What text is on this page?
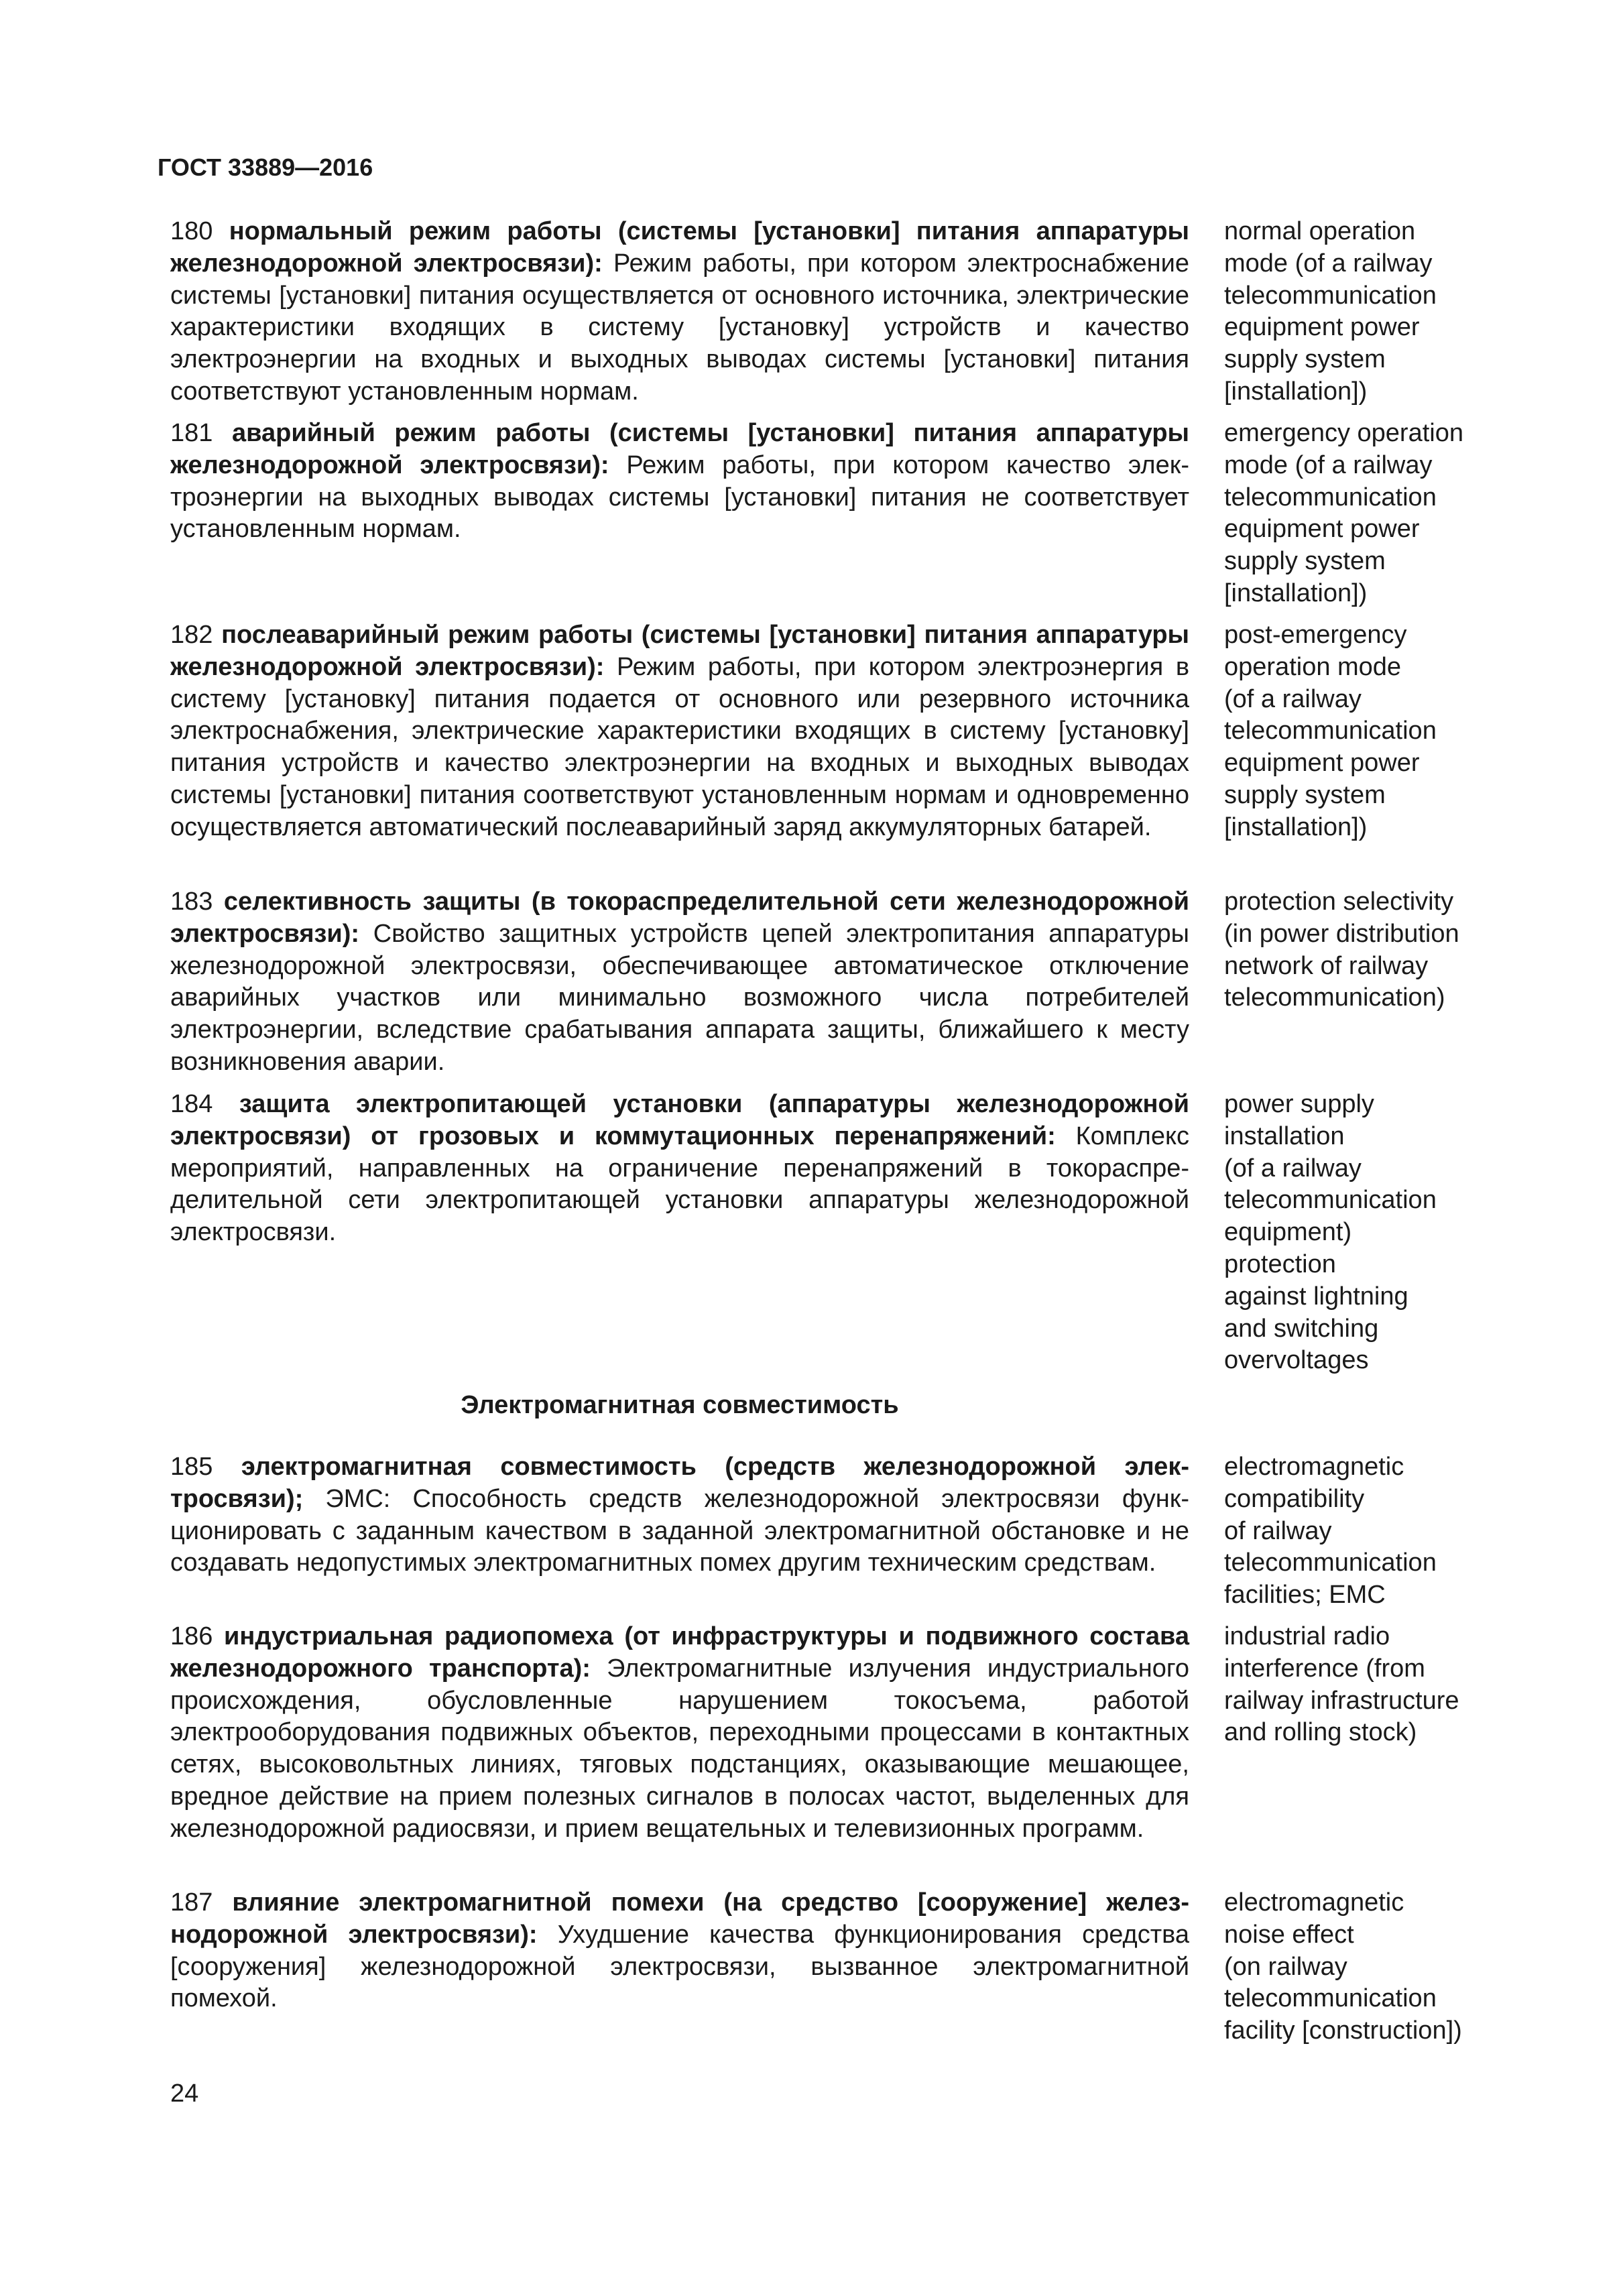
ГОСТ 33889—2016
180 нормальный режим работы (системы [установки] питания аппаратуры железнодорожной электросвязи): Режим работы, при котором электроснабжение системы [установки] питания осуществляется от основного источника, электрические характеристики входящих в систему [установку] устройств и качество электроэнергии на входных и выходных выводах системы [установки] питания соответствуют установленным нормам.
normal operation
mode (of a railway
telecommunication
equipment power
supply system
[installation])
181 аварийный режим работы (системы [установки] питания аппаратуры железнодорожной электросвязи): Режим работы, при котором качество электроэнергии на выходных выводах системы [установки] питания не соответствует установленным нормам.
emergency operation
mode (of a railway
telecommunication
equipment power
supply system
[installation])
182 послеаварийный режим работы (системы [установки] питания аппаратуры железнодорожной электросвязи): Режим работы, при котором электроэнергия в систему [установку] питания подается от основного или резервного источника электроснабжения, электрические характеристики входящих в систему [установку] питания устройств и качество электроэнергии на входных и выходных выводах системы [установки] питания соответствуют установленным нормам и одновременно осуществляется автоматический послеаварийный заряд аккумуляторных батарей.
post-emergency
operation mode
(of a railway
telecommunication
equipment power
supply system
[installation])
183 селективность защиты (в токораспределительной сети железнодорожной электросвязи): Свойство защитных устройств цепей электропитания аппаратуры железнодорожной электросвязи, обеспечивающее автоматическое отключение аварийных участков или минимально возможного числа потребителей электроэнергии, вследствие срабатывания аппарата защиты, ближайшего к месту возникновения аварии.
protection selectivity
(in power distribution
network of railway
telecommunication)
184 защита электропитающей установки (аппаратуры железнодорожной электросвязи) от грозовых и коммутационных перенапряжений: Комплекс мероприятий, направленных на ограничение перенапряжений в токораспределительной сети электропитающей установки аппаратуры железнодорожной электросвязи.
power supply
installation
(of a railway
telecommunication
equipment)
protection
against lightning
and switching
overvoltages
Электромагнитная совместимость
185 электромагнитная совместимость (средств железнодорожной электросвязи); ЭМС: Способность средств железнодорожной электросвязи функционировать с заданным качеством в заданной электромагнитной обстановке и не создавать недопустимых электромагнитных помех другим техническим средствам.
electromagnetic
compatibility
of railway
telecommunication
facilities; EMC
186 индустриальная радиопомеха (от инфраструктуры и подвижного состава железнодорожного транспорта): Электромагнитные излучения индустриального происхождения, обусловленные нарушением токосъема, работой электрооборудования подвижных объектов, переходными процессами в контактных сетях, высоковольтных линиях, тяговых подстанциях, оказывающие мешающее, вредное действие на прием полезных сигналов в полосах частот, выделенных для железнодорожной радиосвязи, и прием вещательных и телевизионных программ.
industrial radio
interference (from
railway infrastructure
and rolling stock)
187 влияние электромагнитной помехи (на средство [сооружение] железнодорожной электросвязи): Ухудшение качества функционирования средства [сооружения] железнодорожной электросвязи, вызванное электромагнитной помехой.
electromagnetic
noise effect
(on railway
telecommunication
facility [construction])
24
